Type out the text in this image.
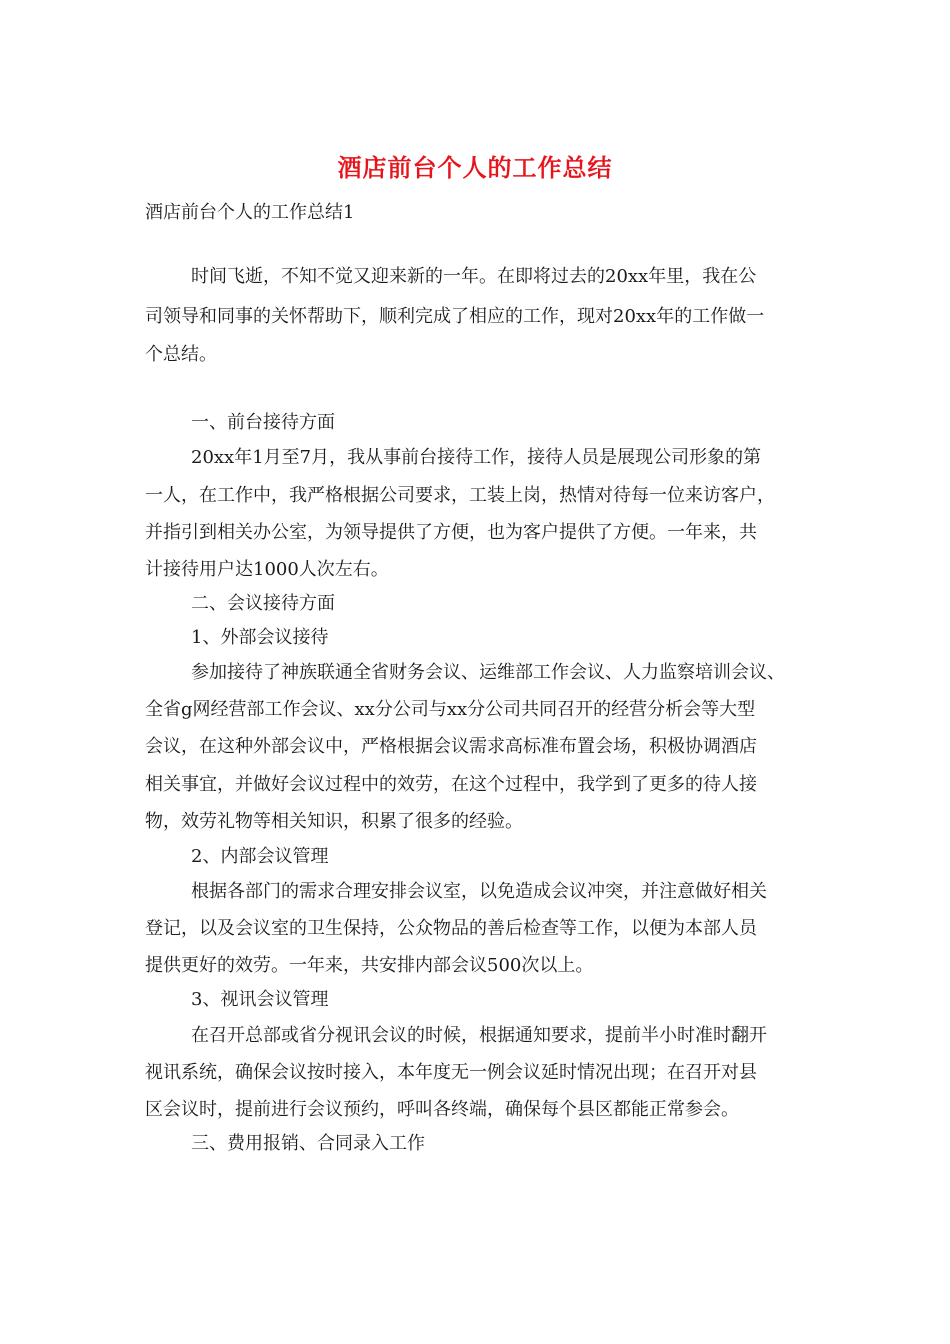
酒店前台个人的工作总结
酒店前台个人的工作总结1
时间飞逝，不知不觉又迎来新的一年。在即将过去的20xx年里，我在公
司领导和同事的关怀帮助下，顺利完成了相应的工作，现对20xx年的工作做一
个总结。
一、前台接待方面
20xx年1月至7月，我从事前台接待工作，接待人员是展现公司形象的第
一人，在工作中，我严格根据公司要求，工装上岗，热情对待每一位来访客户，
并指引到相关办公室，为领导提供了方便，也为客户提供了方便。一年来，共
计接待用户达1000人次左右。
二、会议接待方面
1、外部会议接待
参加接待了神族联通全省财务会议、运维部工作会议、人力监察培训会议、
全省g网经营部工作会议、xx分公司与xx分公司共同召开的经营分析会等大型
会议，在这种外部会议中，严格根据会议需求高标准布置会场，积极协调酒店
相关事宜，并做好会议过程中的效劳，在这个过程中，我学到了更多的待人接
物，效劳礼物等相关知识，积累了很多的经验。
2、内部会议管理
根据各部门的需求合理安排会议室，以免造成会议冲突，并注意做好相关
登记，以及会议室的卫生保持，公众物品的善后检查等工作，以便为本部人员
提供更好的效劳。一年来，共安排内部会议500次以上。
3、视讯会议管理
在召开总部或省分视讯会议的时候，根据通知要求，提前半小时准时翻开
视讯系统，确保会议按时接入，本年度无一例会议延时情况出现；在召开对县
区会议时，提前进行会议预约，呼叫各终端，确保每个县区都能正常参会。
三、费用报销、合同录入工作
